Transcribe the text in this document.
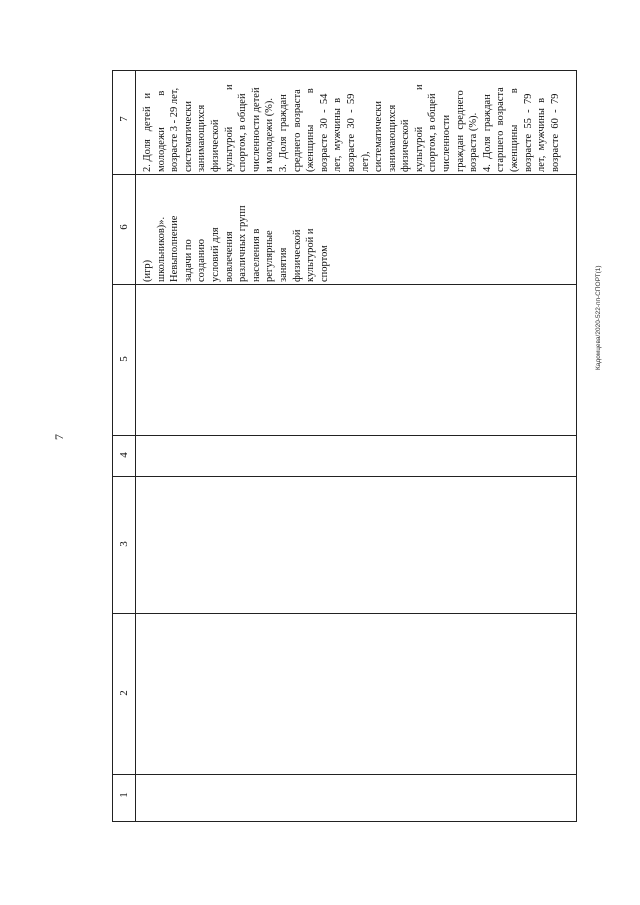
7
7
6
5
4
3
2
1
2. Доля   детей   и молодежи            в возрасте 3 - 29 лет, систематически занимающихся физической культурой              и спортом, в общей численности детей и молодежи (%). 3.  Доля  граждан среднего  возраста (женщины            в возрасте  30  -  54 лет,  мужчины  в возрасте  30  -  59 лет), систематически занимающихся физической культурой              и спортом, в общей численности граждан  среднего возраста (%). 4.  Доля  граждан старшего  возраста (женщины            в возрасте  55  -  79 лет,  мужчины  в возрасте  60  -  79
(игр) школьников)». Невыполнение задачи по созданию условий для вовлечения различных групп населения в регулярные занятия физической культурой и спортом
Кадомцева/2020-522-пп-СПОРТ(1)
